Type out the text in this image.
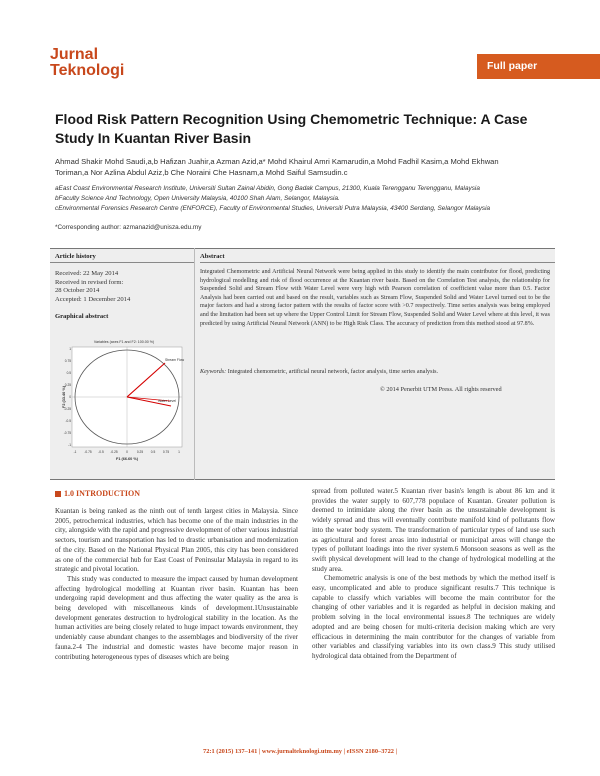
Jurnal
Teknologi	Full paper
Flood Risk Pattern Recognition Using Chemometric Technique: A Case
Study In Kuantan River Basin
Ahmad Shakir Mohd Saudi,a,b Hafizan Juahir,a Azman Azid,a* Mohd Khairul Amri Kamarudin,a Mohd Fadhil Kasim,a Mohd Ekhwan
Toriman,a Nor Azlina Abdul Aziz,b Che Noraini Che Hasnam,a Mohd Saiful Samsudin.c
aEast Coast Environmental Research Institute, Universiti Sultan Zainal Abidin, Gong Badak Campus, 21300, Kuala Terengganu Terengganu, Malaysia
bFaculty Science And Technology, Open University Malaysia, 40100 Shah Alam, Selangor, Malaysia.
cEnvironmental Forensics Research Centre (ENFORCE), Faculty of Environmental Studies, Universiti Putra Malaysia, 43400 Serdang, Selangor Malaysia
*Corresponding author: azmanazid@unisza.edu.my
Article history
Received: 22 May 2014
Received in revised form:
28 October 2014
Accepted: 1 December 2014
Graphical abstract
Variables (axes F1 and F2: 100.00 %)
Stream Flow
Water Level
-1 -0.75 -0.5 -0.25	0	0.25 0.5 0.75	1
1
0.75
0.5
0.25
0
-0.25
-0.5
-0.75
-1
F1 (66.60 %)
F2 (33.40 %)
Abstract
Integrated Chemometric and Artificial Neural Network were being applied in this study to identify the main contributor for flood, predicting hydrological modelling and risk of flood occurrence at the Kuantan river basin. Based on the Correlation Test analysis, the relationship for Suspended Solid and Stream Flow with Water Level were very high with Pearson correlation of coefficient value more than 0.5. Factor Analysis had been carried out and based on the result, variables such as Stream Flow, Suspended Solid and Water Level turned out to be the major factors and had a strong factor pattern with the results of factor score with >0.7 respectively. Time series analysis was being employed and the limitation had been set up where the Upper Control Limit for Stream Flow, Suspended Solid and Water Level where at this level, it was predicted by using Artificial Neural Network (ANN) to be High Risk Class. The accuracy of prediction from this method stood at 97.8%.
Keywords: Integrated chemometric, artificial neural network, factor analysis, time series analysis.
© 2014 Penerbit UTM Press. All rights reserved
1.0 INTRODUCTION

Kuantan is being ranked as the ninth out of tenth largest cities in Malaysia. Since 2005, petrochemical industries, which has become one of the main industries in the city, alongside with the rapid and progressive development of other various industrial sectors, tourism and transportation has led to drastic urbanisation and modernization of the city. Based on the National Physical Plan 2005, this city has been considered as one of the commercial hub for East Coast of Peninsular Malaysia in regard to its strategic and pivotal location.

This study was conducted to measure the impact caused by human development affecting hydrological modelling at Kuantan river basin. Kuantan has been undergoing rapid development and thus affecting the water quality as the area is being developed with miscellaneous kinds of development.1Unsustainable development generates destruction to hydrological stability in the location. As the human activities are being closely related to huge impact towards environment, they undeniably cause abundant changes to the assemblages and biodiversity of the river fauna.2-4 The industrial and domestic wastes have become major reason in contributing heterogeneous types of diseases which are being

spread from polluted water.5 Kuantan river basin's length is about 86 km and it provides the water supply to 607,778 populace of Kuantan. Greater pollution is deemed to intimidate along the river basin as the unsustainable development is widely spread and thus will eventually contribute manifold kind of pollutants flow into the water body system. The transformation of particular types of land use such as agricultural and forest areas into industrial or municipal areas will change the types of pollutant loadings into the river system.6 Monsoon seasons as well as the swift physical development will lead to the change of hydrological modelling at the study area.

Chemometric analysis is one of the best methods by which the method itself is easy, uncomplicated and able to produce significant results.7 This technique is capable to classify which variables will become the main contributor for the changing of other variables and it is regarded as helpful in decision making and problem solving in the local environmental issues.8 The techniques are widely adopted and are being chosen for multi-criteria decision making which are very efficacious in determining the main contributor for the changes of variable from other variables and classifying variables into its own class.9 This study utilised hydrological data obtained from the Department of

72:1 (2015) 137–141 | www.jurnalteknologi.utm.my | eISSN 2180–3722 |
